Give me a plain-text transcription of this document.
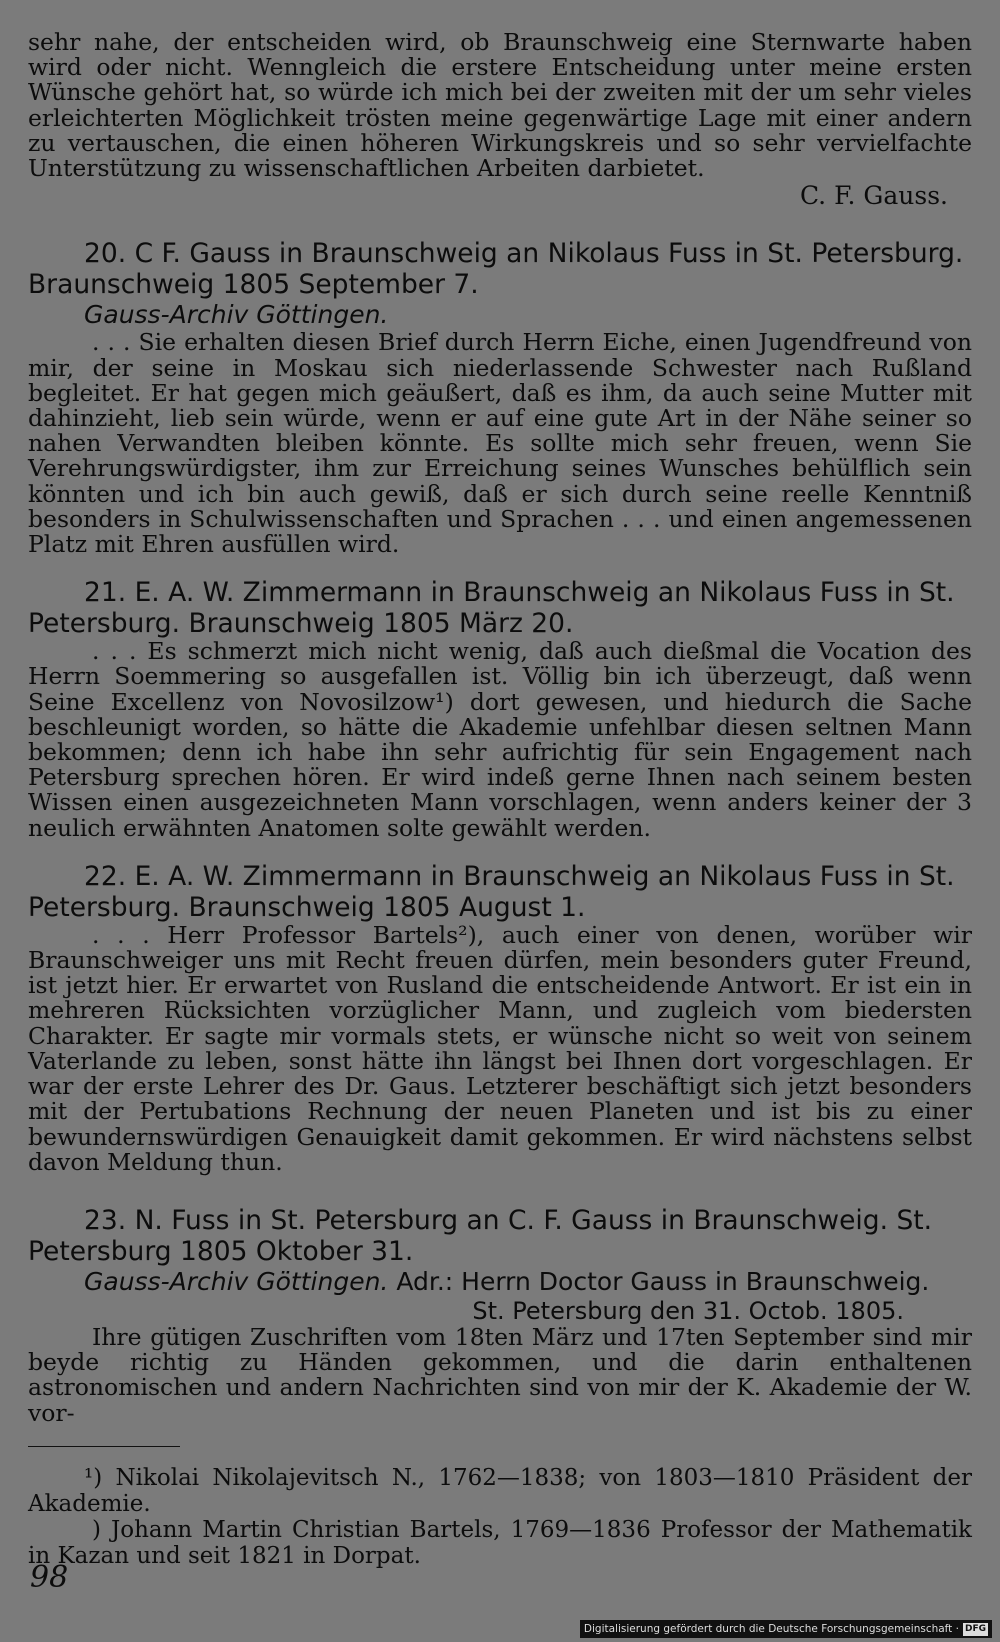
sehr nahe, der entscheiden wird, ob Braunschweig eine Sternwarte haben wird oder nicht. Wenngleich die erstere Entscheidung unter meine ersten Wünsche gehört hat, so würde ich mich bei der zweiten mit der um sehr vieles erleichterten Möglichkeit trösten meine gegenwärtige Lage mit einer andern zu vertauschen, die einen höheren Wirkungskreis und so sehr vervielfachte Unterstützung zu wissenschaftlichen Arbeiten darbietet.

C. F. Gauss.

20. C F. Gauss in Braunschweig an Nikolaus Fuss in St. Petersburg. Braunschweig 1805 September 7.

Gauss-Archiv Göttingen.

. . . Sie erhalten diesen Brief durch Herrn Eiche, einen Jugendfreund von mir, der seine in Moskau sich niederlassende Schwester nach Rußland begleitet. Er hat gegen mich geäußert, daß es ihm, da auch seine Mutter mit dahinzieht, lieb sein würde, wenn er auf eine gute Art in der Nähe seiner so nahen Verwandten bleiben könnte. Es sollte mich sehr freuen, wenn Sie Verehrungswürdigster, ihm zur Erreichung seines Wunsches behülflich sein könnten und ich bin auch gewiß, daß er sich durch seine reelle Kenntniß besonders in Schulwissenschaften und Sprachen . . . und einen angemessenen Platz mit Ehren ausfüllen wird.

21. E. A. W. Zimmermann in Braunschweig an Nikolaus Fuss in St. Petersburg. Braunschweig 1805 März 20.

. . . Es schmerzt mich nicht wenig, daß auch dießmal die Vocation des Herrn Soemmering so ausgefallen ist. Völlig bin ich überzeugt, daß wenn Seine Excellenz von Novosilzow¹) dort gewesen, und hiedurch die Sache beschleunigt worden, so hätte die Akademie unfehlbar diesen seltnen Mann bekommen; denn ich habe ihn sehr aufrichtig für sein Engagement nach Petersburg sprechen hören. Er wird indeß gerne Ihnen nach seinem besten Wissen einen ausgezeichneten Mann vorschlagen, wenn anders keiner der 3 neulich erwähnten Anatomen solte gewählt werden.

22. E. A. W. Zimmermann in Braunschweig an Nikolaus Fuss in St. Petersburg. Braunschweig 1805 August 1.

. . . Herr Professor Bartels²), auch einer von denen, worüber wir Braunschweiger uns mit Recht freuen dürfen, mein besonders guter Freund, ist jetzt hier. Er erwartet von Rusland die entscheidende Antwort. Er ist ein in mehreren Rücksichten vorzüglicher Mann, und zugleich vom biedersten Charakter. Er sagte mir vormals stets, er wünsche nicht so weit von seinem Vaterlande zu leben, sonst hätte ihn längst bei Ihnen dort vorgeschlagen. Er war der erste Lehrer des Dr. Gaus. Letzterer beschäftigt sich jetzt besonders mit der Pertubations Rechnung der neuen Planeten und ist bis zu einer bewundernswürdigen Genauigkeit damit gekommen. Er wird nächstens selbst davon Meldung thun.

23. N. Fuss in St. Petersburg an C. F. Gauss in Braunschweig. St. Petersburg 1805 Oktober 31.

Gauss-Archiv Göttingen. Adr.: Herrn Doctor Gauss in Braunschweig.

St. Petersburg den 31. Octob. 1805.

Ihre gütigen Zuschriften vom 18ten März und 17ten September sind mir beyde richtig zu Händen gekommen, und die darin enthaltenen astronomischen und andern Nachrichten sind von mir der K. Akademie der W. vor-

¹) Nikolai Nikolajevitsch N., 1762—1838; von 1803—1810 Präsident der Akademie.

) Johann Martin Christian Bartels, 1769—1836 Professor der Mathematik in Kazan und seit 1821 in Dorpat.

98
Digitalisierung gefördert durch die Deutsche Forschungsgemeinschaft · DFG
